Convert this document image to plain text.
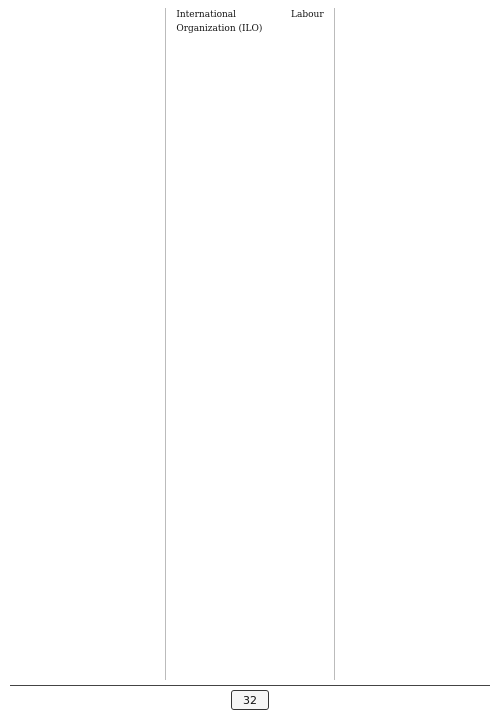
International Labour Organization (ILO)
32
